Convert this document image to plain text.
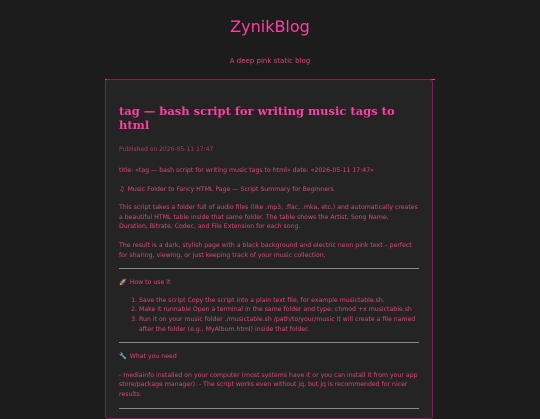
ZynikBlog
A deep pink static blog
tag — bash script for writing music tags to html
Published on 2026-05-11 17:47

title: «tag — bash script for writing music tags to html» date: «2026-05-11 17:47»

♫ Music Folder to Fancy HTML Page — Script Summary for Beginners

This script takes a folder full of audio files (like .mp3, .flac, .mka, etc.) and automatically creates a beautiful HTML table inside that same folder. The table shows the Artist, Song Name, Duration, Bitrate, Codec, and File Extension for each song.

The result is a dark, stylish page with a black background and electric neon pink text – perfect for sharing, viewing, or just keeping track of your music collection.

🚀 How to use it

1. Save the script Copy the script into a plain text file, for example musictable.sh.
2. Make it runnable Open a terminal in the same folder and type: chmod +x musictable.sh
3. Run it on your music folder ./musictable.sh /path/to/your/music It will create a file named after the folder (e.g., MyAlbum.html) inside that folder.

🔧 What you need

- mediainfo installed on your computer (most systems have it or you can install it from your app store/package manager). - The script works even without jq, but jq is recommended for nicer results.
